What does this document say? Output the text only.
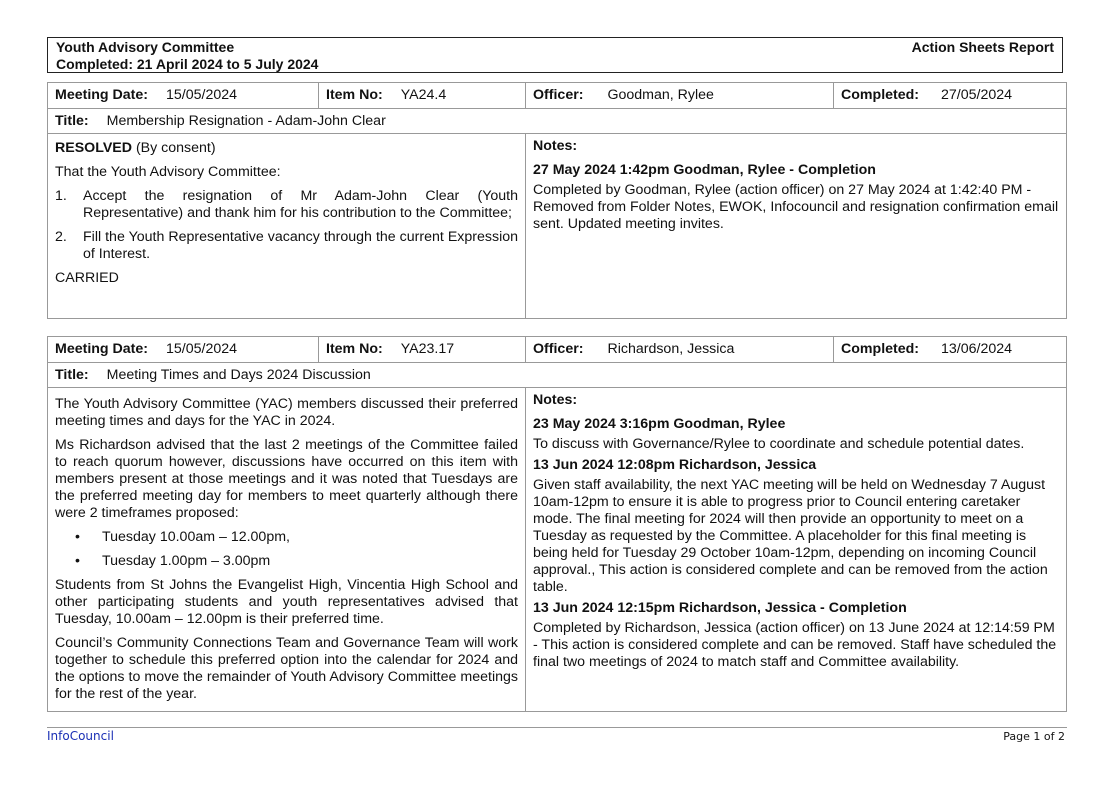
Youth Advisory Committee	Action Sheets Report
Completed: 21 April 2024 to 5 July 2024
Meeting Date: 15/05/2024	Item No: YA24.4	Officer: Goodman, Rylee	Completed: 27/05/2024
Title: Membership Resignation - Adam-John Clear

RESOLVED (By consent)

That the Youth Advisory Committee:

1.	Accept the resignation of Mr Adam-John Clear (Youth Representative) and thank him for his contribution to the Committee;
2.	Fill the Youth Representative vacancy through the current Expression of Interest.

CARRIED

Notes:

27 May 2024 1:42pm Goodman, Rylee - Completion

Completed by Goodman, Rylee (action officer) on 27 May 2024 at 1:42:40 PM - Removed from Folder Notes, EWOK, Infocouncil and resignation confirmation email sent. Updated meeting invites.

Meeting Date: 15/05/2024	Item No: YA23.17	Officer: Richardson, Jessica	Completed: 13/06/2024
Title: Meeting Times and Days 2024 Discussion

The Youth Advisory Committee (YAC) members discussed their preferred meeting times and days for the YAC in 2024.

Ms Richardson advised that the last 2 meetings of the Committee failed to reach quorum however, discussions have occurred on this item with members present at those meetings and it was noted that Tuesdays are the preferred meeting day for members to meet quarterly although there were 2 timeframes proposed:

•	Tuesday 10.00am – 12.00pm,
•	Tuesday 1.00pm – 3.00pm

Students from St Johns the Evangelist High, Vincentia High School and other participating students and youth representatives advised that Tuesday, 10.00am – 12.00pm is their preferred time.

Council’s Community Connections Team and Governance Team will work together to schedule this preferred option into the calendar for 2024 and the options to move the remainder of Youth Advisory Committee meetings for the rest of the year.

Notes:

23 May 2024 3:16pm Goodman, Rylee

To discuss with Governance/Rylee to coordinate and schedule potential dates.

13 Jun 2024 12:08pm Richardson, Jessica

Given staff availability, the next YAC meeting will be held on Wednesday 7 August 10am-12pm to ensure it is able to progress prior to Council entering caretaker mode. The final meeting for 2024 will then provide an opportunity to meet on a Tuesday as requested by the Committee. A placeholder for this final meeting is being held for Tuesday 29 October 10am-12pm, depending on incoming Council approval., This action is considered complete and can be removed from the action table.

13 Jun 2024 12:15pm Richardson, Jessica - Completion

Completed by Richardson, Jessica (action officer) on 13 June 2024 at 12:14:59 PM - This action is considered complete and can be removed. Staff have scheduled the final two meetings of 2024 to match staff and Committee availability.

InfoCouncil	Page 1 of 2
